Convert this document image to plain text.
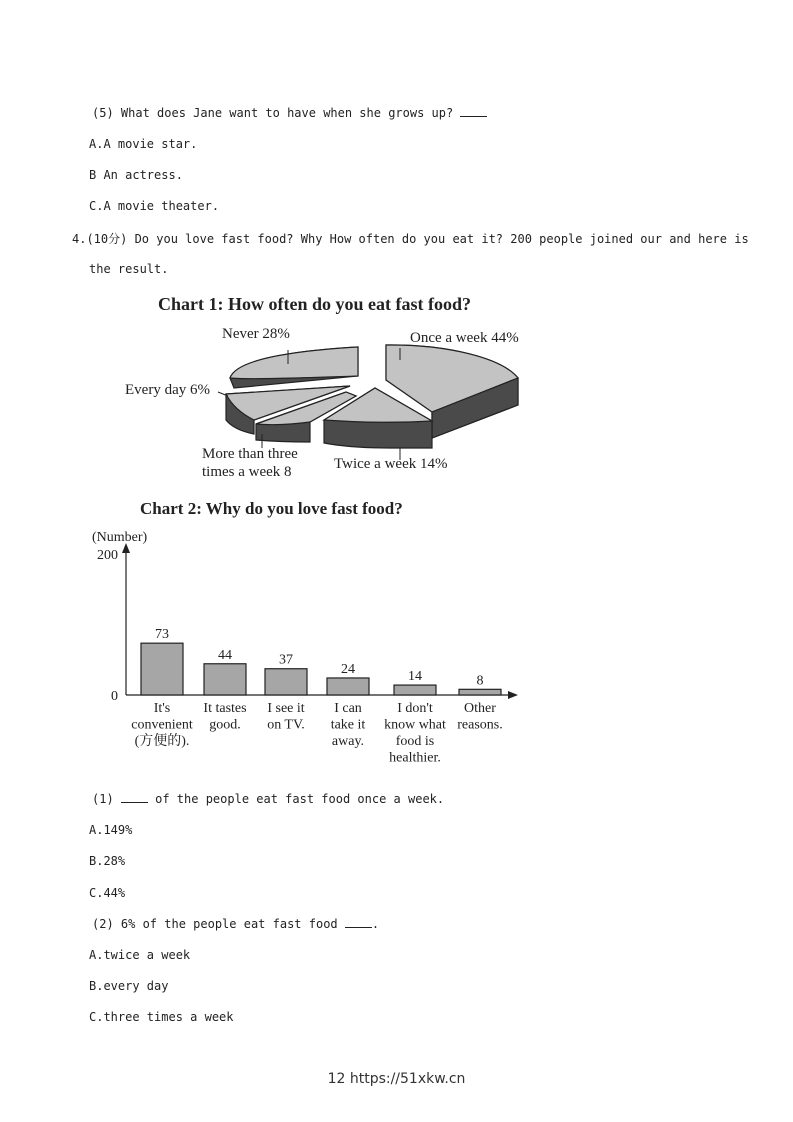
(5) What does Jane want to have when she grows up?
A.A movie star.
B An actress.
C.A movie theater.
4.(10分) Do you love fast food? Why How often do you eat it? 200 people joined our and here is
the result.
Chart 1: How often do you eat fast food?
Never 28%	Once a week 44%
Every day 6%
More than three
times a week 8	Twice a week 14%
Chart 2: Why do you love fast food?
(Number)
200
0
73
It's
convenient
(方便的).
44
It tastes
good.
37
I see it
on TV.
24
I can
take it
away.
14
I don't
know what
food is
healthier.
8
Other
reasons.
(1)  of the people eat fast food once a week.
A.149%
B.28%
C.44%
(2) 6% of the people eat fast food .
A.twice a week
B.every day
C.three times a week
12 https://51xkw.cn
